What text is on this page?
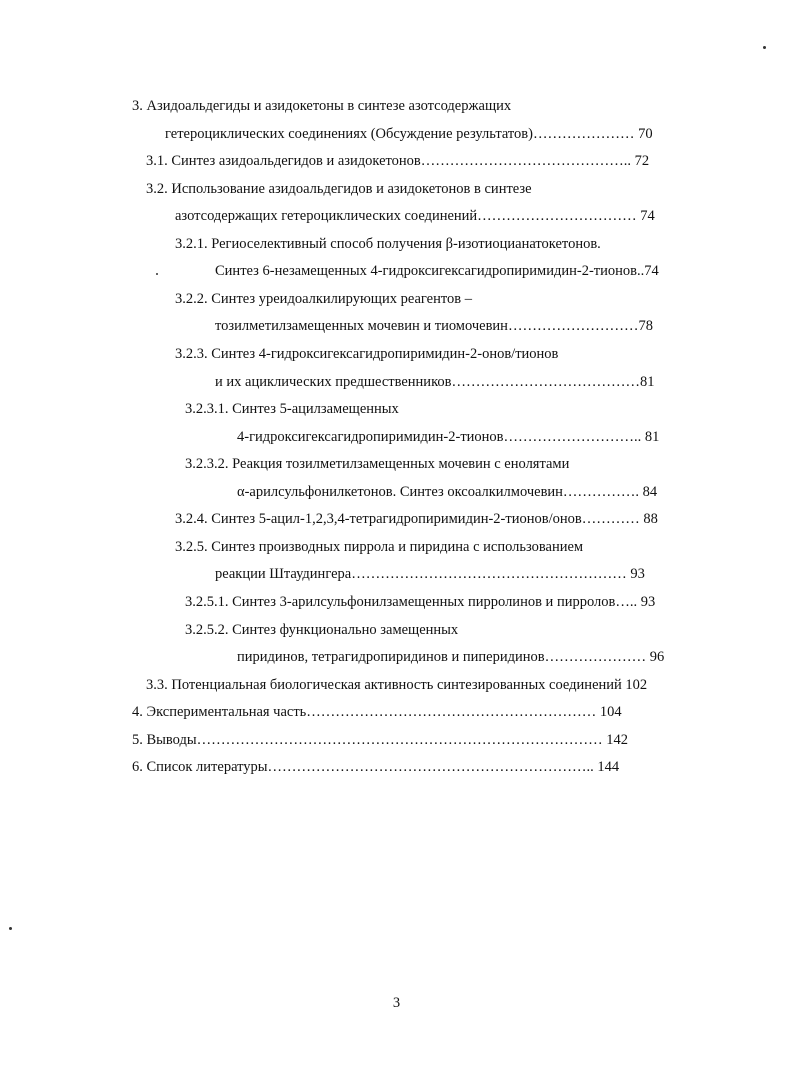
3. Азидоальдегиды и азидокетоны в синтезе азотсодержащих
гетероциклических соединениях (Обсуждение результатов)………………… 70
3.1. Синтез азидоальдегидов и азидокетонов…………………………………….. 72
3.2. Использование азидоальдегидов и азидокетонов в синтезе
азотсодержащих гетероциклических соединений…………………………… 74
3.2.1. Региоселективный способ получения β-изотиоцианатокетонов.
Синтез 6-незамещенных 4-гидроксигексагидропиримидин-2-тионов..74
3.2.2. Синтез уреидоалкилирующих реагентов –
тозилметилзамещенных мочевин и тиомочевин………………………78
3.2.3. Синтез 4-гидроксигексагидропиримидин-2-онов/тионов
и их ациклических предшественников…………………………………81
3.2.3.1. Синтез 5-ацилзамещенных
4-гидроксигексагидропиримидин-2-тионов……………………….. 81
3.2.3.2. Реакция тозилметилзамещенных мочевин с енолятами
α-арилсульфонилкетонов. Синтез оксоалкилмочевин……………. 84
3.2.4. Синтез 5-ацил-1,2,3,4-тетрагидропиримидин-2-тионов/онов………… 88
3.2.5. Синтез производных пиррола и пиридина с использованием
реакции Штаудингера………………………………………………… 93
3.2.5.1. Синтез 3-арилсульфонилзамещенных пирролинов и пирролов….. 93
3.2.5.2. Синтез функционально замещенных
пиридинов, тетрагидропиридинов и пиперидинов………………… 96
3.3. Потенциальная биологическая активность синтезированных соединений 102
4. Экспериментальная часть…………………………………………………… 104
5. Выводы………………………………………………………………………… 142
6. Список литературы………………………………………………………….. 144
3
